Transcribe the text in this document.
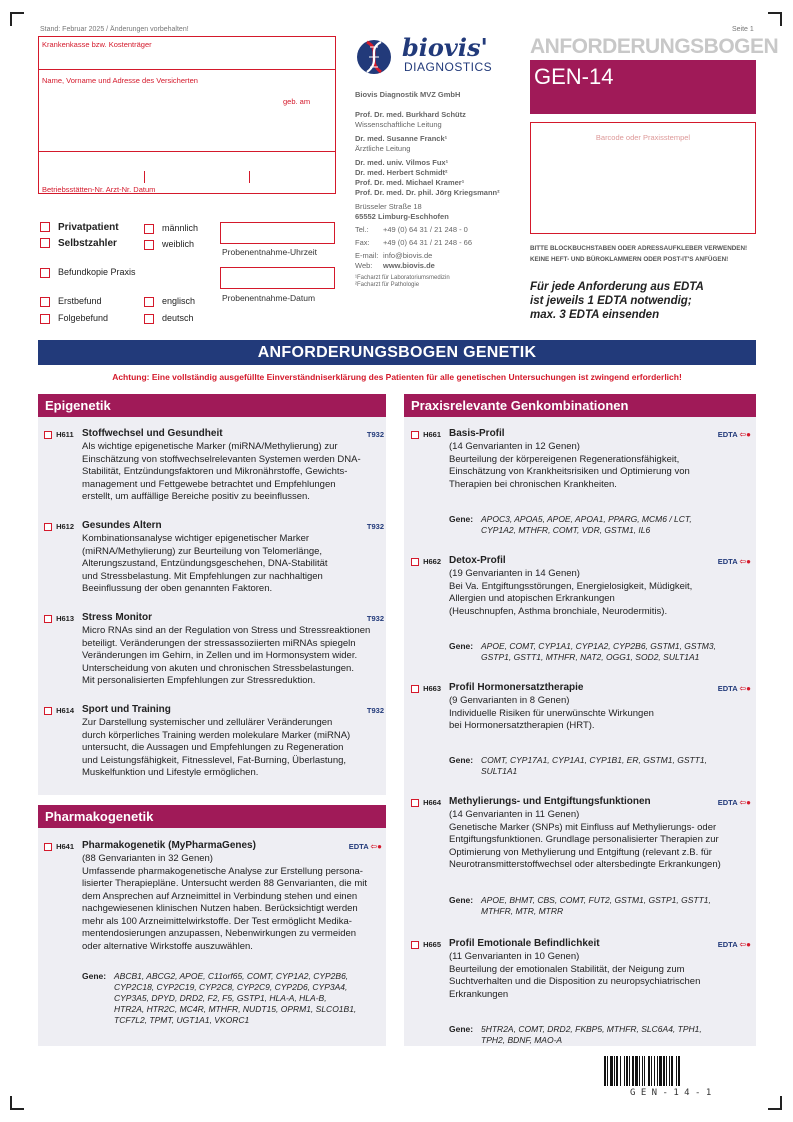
Stand: Februar 2025 / Änderungen vorbehalten!	Seite 1
Krankenkasse bzw. Kostenträger
Name, Vorname und Adresse des Versicherten
geb. am
Betriebsstätten-Nr. Arzt-Nr. Datum
Privatpatient
Selbstzahler
männlich
weiblich
Befundkopie Praxis
Erstbefund
Folgebefund
englisch
deutsch
Probenentnahme-Uhrzeit
Probenentnahme-Datum
biovis'
DIAGNOSTICS
Biovis Diagnostik MVZ GmbH
Prof. Dr. med. Burkhard Schütz
Wissenschaftliche Leitung
Dr. med. Susanne Franck¹
Ärztliche Leitung
Dr. med. univ. Vilmos Fux¹
Dr. med. Herbert Schmidt²
Prof. Dr. med. Michael Kramer¹
Prof. Dr. med. Dr. phil. Jörg Kriegsmann²
Brüsseler Straße 18
65552 Limburg-Eschhofen
Tel.: +49 (0) 64 31 / 21 248 - 0
Fax: +49 (0) 64 31 / 21 248 - 66
E-mail: info@biovis.de
Web: www.biovis.de
¹Facharzt für Laboratoriumsmedizin
²Facharzt für Pathologie
ANFORDERUNGSBOGEN
GEN-14
Barcode oder Praxisstempel
BITTE BLOCKBUCHSTABEN ODER ADRESSAUFKLEBER VERWENDEN!
KEINE HEFT- UND BÜROKLAMMERN ODER POST-IT'S ANFÜGEN!
Für jede Anforderung aus EDTA
ist jeweils 1 EDTA notwendig;
max. 3 EDTA einsenden
ANFORDERUNGSBOGEN GENETIK
Achtung: Eine vollständig ausgefüllte Einverständniserklärung des Patienten für alle genetischen Untersuchungen ist zwingend erforderlich!
Epigenetik
H611 Stoffwechsel und Gesundheit	T932
Als wichtige epigenetische Marker (miRNA/Methylierung) zur
Einschätzung von stoffwechselrelevanten Systemen werden DNA-
Stabilität, Entzündungsfaktoren und Mikronährstoffe, Gewichts-
management und Fettgewebe betrachtet und Empfehlungen
erstellt, um auffällige Bereiche positiv zu beeinflussen.
H612 Gesundes Altern	T932
Kombinationsanalyse wichtiger epigenetischer Marker
(miRNA/Methylierung) zur Beurteilung von Telomerlänge,
Alterungszustand, Entzündungsgeschehen, DNA-Stabilität
und Stressbelastung. Mit Empfehlungen zur nachhaltigen
Beeinflussung der oben genannten Faktoren.
H613 Stress Monitor	T932
Micro RNAs sind an der Regulation von Stress und Stressreaktionen
beteiligt. Veränderungen der stressassoziierten miRNAs spiegeln
Veränderungen im Gehirn, in Zellen und im Hormonsystem wider.
Unterscheidung von akuten und chronischen Stressbelastungen.
Mit personalisierten Empfehlungen zur Stressreduktion.
H614 Sport und Training	T932
Zur Darstellung systemischer und zellulärer Veränderungen
durch körperliches Training werden molekulare Marker (miRNA)
untersucht, die Aussagen und Empfehlungen zu Regeneration
und Leistungsfähigkeit, Fitnesslevel, Fat-Burning, Überlastung,
Muskelfunktion und Lifestyle ermöglichen.
Pharmakogenetik
H641 Pharmakogenetik (MyPharmaGenes)	EDTA ⇦●
(88 Genvarianten in 32 Genen)
Umfassende pharmakogenetische Analyse zur Erstellung persona-
lisierter Therapiepläne. Untersucht werden 88 Genvarianten, die mit
dem Ansprechen auf Arzneimittel in Verbindung stehen und einen
nachgewiesenen klinischen Nutzen haben. Berücksichtigt werden
mehr als 100 Arzneimittelwirkstoffe. Der Test ermöglicht Medika-
mentendosierungen anzupassen, Nebenwirkungen zu vermeiden
oder alternative Wirkstoffe auszuwählen.
Gene: ABCB1, ABCG2, APOE, C11orf65, COMT, CYP1A2, CYP2B6,
CYP2C18, CYP2C19, CYP2C8, CYP2C9, CYP2D6, CYP3A4,
CYP3A5, DPYD, DRD2, F2, F5, GSTP1, HLA-A, HLA-B,
HTR2A, HTR2C, MC4R, MTHFR, NUDT15, OPRM1, SLCO1B1,
TCF7L2, TPMT, UGT1A1, VKORC1
Praxisrelevante Genkombinationen
H661 Basis-Profil	EDTA ⇦●
(14 Genvarianten in 12 Genen)
Beurteilung der körpereigenen Regenerationsfähigkeit,
Einschätzung von Krankheitsrisiken und Optimierung von
Therapien bei chronischen Krankheiten.
Gene: APOC3, APOA5, APOE, APOA1, PPARG, MCM6 / LCT,
CYP1A2, MTHFR, COMT, VDR, GSTM1, IL6
H662 Detox-Profil	EDTA ⇦●
(19 Genvarianten in 14 Genen)
Bei Va. Entgiftungsstörungen, Energielosigkeit, Müdigkeit,
Allergien und atopischen Erkrankungen
(Heuschnupfen, Asthma bronchiale, Neurodermitis).
Gene: APOE, COMT, CYP1A1, CYP1A2, CYP2B6, GSTM1, GSTM3,
GSTP1, GSTT1, MTHFR, NAT2, OGG1, SOD2, SULT1A1
H663 Profil Hormonersatztherapie	EDTA ⇦●
(9 Genvarianten in 8 Genen)
Individuelle Risiken für unerwünschte Wirkungen
bei Hormonersatztherapien (HRT).
Gene: COMT, CYP17A1, CYP1A1, CYP1B1, ER, GSTM1, GSTT1,
SULT1A1
H664 Methylierungs- und Entgiftungsfunktionen	EDTA ⇦●
(14 Genvarianten in 11 Genen)
Genetische Marker (SNPs) mit Einfluss auf Methylierungs- oder
Entgiftungsfunktionen. Grundlage personalisierter Therapien zur
Optimierung von Methylierung und Entgiftung (relevant z.B. für
Neurotransmitterstoffwechsel oder altersbedingte Erkrankungen)
Gene: APOE, BHMT, CBS, COMT, FUT2, GSTM1, GSTP1, GSTT1,
MTHFR, MTR, MTRR
H665 Profil Emotionale Befindlichkeit	EDTA ⇦●
(11 Genvarianten in 10 Genen)
Beurteilung der emotionalen Stabilität, der Neigung zum
Suchtverhalten und die Disposition zu neuropsychiatrischen
Erkrankungen
Gene: 5HTR2A, COMT, DRD2, FKBP5, MTHFR, SLC6A4, TPH1,
TPH2, BDNF, MAO-A
G E N - 1 4 - 1
